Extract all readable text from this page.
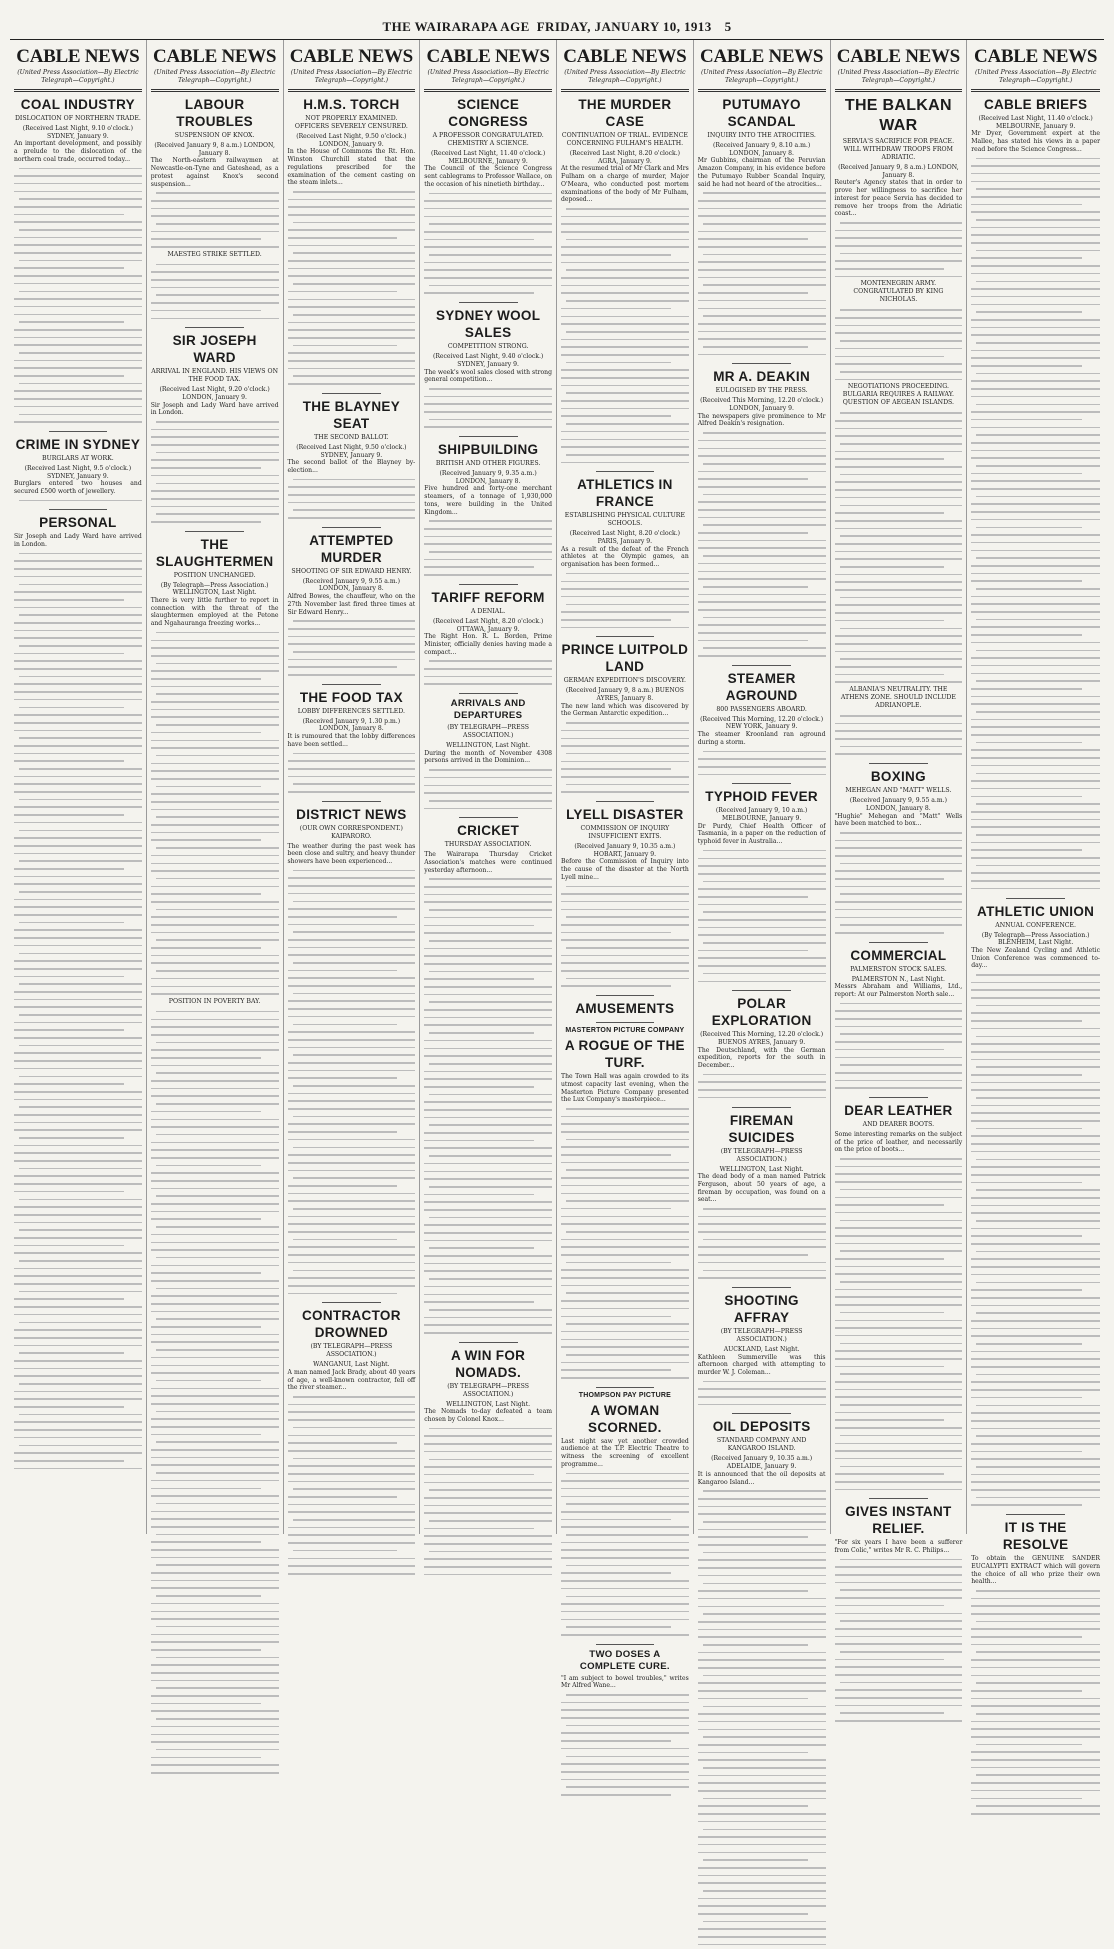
THE WAIRARAPA AGE FRIDAY, JANUARY 10, 1913 5
CABLE NEWS
(United Press Association—By Electric Telegraph—Copyright.)
COAL INDUSTRY
DISLOCATION OF NORTHERN TRADE.
(Received Last Night, 9.10 o'clock.) SYDNEY, January 9.
An important development, and possibly a prelude to the dislocation of the northern coal trade, occurred today...
CRIME IN SYDNEY
BURGLARS AT WORK.
(Received Last Night, 9.5 o'clock.) SYDNEY, January 9.
Burglars entered two houses and secured £500 worth of jewellery.
PERSONAL
Sir Joseph and Lady Ward have arrived in London.
CABLE NEWS
(United Press Association—By Electric Telegraph—Copyright.)
LABOUR TROUBLES
SUSPENSION OF KNOX.
(Received January 9, 8 a.m.) LONDON, January 8.
The North-eastern railwaymen at Newcastle-on-Tyne and Gateshead, as a protest against Knox's second suspension...
MAESTEG STRIKE SETTLED.
SIR JOSEPH WARD
ARRIVAL IN ENGLAND. HIS VIEWS ON THE FOOD TAX.
(Received Last Night, 9.20 o'clock.) LONDON, January 9.
Sir Joseph and Lady Ward have arrived in London.
THE SLAUGHTERMEN
POSITION UNCHANGED.
(By Telegraph—Press Association.) WELLINGTON, Last Night.
There is very little further to report in connection with the threat of the slaughtermen employed at the Petone and Ngahauranga freezing works...
POSITION IN POVERTY BAY.
CABLE NEWS
(United Press Association—By Electric Telegraph—Copyright.)
H.M.S. TORCH
NOT PROPERLY EXAMINED. OFFICERS SEVERELY CENSURED.
(Received Last Night, 9.50 o'clock.) LONDON, January 9.
In the House of Commons the Rt. Hon. Winston Churchill stated that the regulations prescribed for the examination of the cement casting on the steam inlets...
THE BLAYNEY SEAT
THE SECOND BALLOT.
(Received Last Night, 9.50 o'clock.) SYDNEY, January 9.
The second ballot of the Blayney by-election...
ATTEMPTED MURDER
SHOOTING OF SIR EDWARD HENRY.
(Received January 9, 9.55 a.m.) LONDON, January 8.
Alfred Bowes, the chauffeur, who on the 27th November last fired three times at Sir Edward Henry...
THE FOOD TAX
LOBBY DIFFERENCES SETTLED.
(Received January 9, 1.30 p.m.) LONDON, January 8.
It is rumoured that the lobby differences have been settled...
DISTRICT NEWS
(OUR OWN CORRESPONDENT.) KAIPARORO.
The weather during the past week has been close and sultry, and heavy thunder showers have been experienced...
CONTRACTOR DROWNED
(BY TELEGRAPH—PRESS ASSOCIATION.)
WANGANUI, Last Night.
A man named Jack Brady, about 40 years of age, a well-known contractor, fell off the river steamer...
CABLE NEWS
(United Press Association—By Electric Telegraph—Copyright.)
SCIENCE CONGRESS
A PROFESSOR CONGRATULATED. CHEMISTRY A SCIENCE.
(Received Last Night, 11.40 o'clock.) MELBOURNE, January 9.
The Council of the Science Congress sent cablegrams to Professor Wallace, on the occasion of his ninetieth birthday...
SYDNEY WOOL SALES
COMPETITION STRONG.
(Received Last Night, 9.40 o'clock.) SYDNEY, January 9.
The week's wool sales closed with strong general competition...
SHIPBUILDING
BRITISH AND OTHER FIGURES.
(Received January 9, 9.35 a.m.) LONDON, January 8.
Five hundred and forty-one merchant steamers, of a tonnage of 1,930,000 tons, were building in the United Kingdom...
TARIFF REFORM
A DENIAL.
(Received Last Night, 8.20 o'clock.) OTTAWA, January 9.
The Right Hon. R. L. Borden, Prime Minister, officially denies having made a compact...
ARRIVALS AND DEPARTURES
(BY TELEGRAPH—PRESS ASSOCIATION.)
WELLINGTON, Last Night.
During the month of November 4308 persons arrived in the Dominion...
CRICKET
THURSDAY ASSOCIATION.
The Wairarapa Thursday Cricket Association's matches were continued yesterday afternoon...
A WIN FOR NOMADS.
(BY TELEGRAPH—PRESS ASSOCIATION.)
WELLINGTON, Last Night.
The Nomads to-day defeated a team chosen by Colonel Knox...
CABLE NEWS
(United Press Association—By Electric Telegraph—Copyright.)
THE MURDER CASE
CONTINUATION OF TRIAL. EVIDENCE CONCERNING FULHAM'S HEALTH.
(Received Last Night, 8.20 o'clock.) AGRA, January 9.
At the resumed trial of Mr Clark and Mrs Fulham on a charge of murder, Major O'Meara, who conducted post mortem examinations of the body of Mr Fulham, deposed...
ATHLETICS IN FRANCE
ESTABLISHING PHYSICAL CULTURE SCHOOLS.
(Received Last Night, 8.20 o'clock.) PARIS, January 9.
As a result of the defeat of the French athletes at the Olympic games, an organisation has been formed...
PRINCE LUITPOLD LAND
GERMAN EXPEDITION'S DISCOVERY.
(Received January 9, 8 a.m.) BUENOS AYRES, January 8.
The new land which was discovered by the German Antarctic expedition...
LYELL DISASTER
COMMISSION OF INQUIRY INSUFFICIENT EXITS.
(Received January 9, 10.35 a.m.) HOBART, January 9.
Before the Commission of Inquiry into the cause of the disaster at the North Lyell mine...
AMUSEMENTS
MASTERTON PICTURE COMPANY
A ROGUE OF THE TURF.
The Town Hall was again crowded to its utmost capacity last evening, when the Masterton Picture Company presented the Lux Company's masterpiece...
THOMPSON PAY PICTURE
A WOMAN SCORNED.
Last night saw yet another crowded audience at the T.P. Electric Theatre to witness the screening of excellent programme...
TWO DOSES A COMPLETE CURE.
"I am subject to bowel troubles," writes Mr Alfred Wane...
CABLE NEWS
(United Press Association—By Electric Telegraph—Copyright.)
PUTUMAYO SCANDAL
INQUIRY INTO THE ATROCITIES.
(Received January 9, 8.10 a.m.) LONDON, January 8.
Mr Gubbins, chairman of the Peruvian Amazon Company, in his evidence before the Putumayo Rubber Scandal Inquiry, said he had not heard of the atrocities...
MR A. DEAKIN
EULOGISED BY THE PRESS.
(Received This Morning, 12.20 o'clock.) LONDON, January 9.
The newspapers give prominence to Mr Alfred Deakin's resignation.
STEAMER AGROUND
800 PASSENGERS ABOARD.
(Received This Morning, 12.20 o'clock.) NEW YORK, January 9.
The steamer Kroonland ran aground during a storm.
TYPHOID FEVER
(Received January 9, 10 a.m.) MELBOURNE, January 9.
Dr Purdy, Chief Health Officer of Tasmania, in a paper on the reduction of typhoid fever in Australia...
POLAR EXPLORATION
(Received This Morning, 12.20 o'clock.) BUENOS AYRES, January 9.
The Deutschland, with the German expedition, reports for the south in December...
FIREMAN SUICIDES
(BY TELEGRAPH—PRESS ASSOCIATION.)
WELLINGTON, Last Night.
The dead body of a man named Patrick Ferguson, about 50 years of age, a fireman by occupation, was found on a seat...
SHOOTING AFFRAY
(BY TELEGRAPH—PRESS ASSOCIATION.)
AUCKLAND, Last Night.
Kathleen Summerville was this afternoon charged with attempting to murder W. J. Coleman...
OIL DEPOSITS
STANDARD COMPANY AND KANGAROO ISLAND.
(Received January 9, 10.35 a.m.) ADELAIDE, January 9.
It is announced that the oil deposits at Kangaroo Island...
CABLE NEWS
(United Press Association—By Electric Telegraph—Copyright.)
THE BALKAN WAR
SERVIA'S SACRIFICE FOR PEACE. WILL WITHDRAW TROOPS FROM ADRIATIC.
(Received January 9, 8 a.m.) LONDON, January 8.
Reuter's Agency states that in order to prove her willingness to sacrifice her interest for peace Servia has decided to remove her troops from the Adriatic coast...
MONTENEGRIN ARMY. CONGRATULATED BY KING NICHOLAS.
NEGOTIATIONS PROCEEDING. BULGARIA REQUIRES A RAILWAY. QUESTION OF AEGEAN ISLANDS.
ALBANIA'S NEUTRALITY. THE ATHENS ZONE. SHOULD INCLUDE ADRIANOPLE.
BOXING
MEHEGAN AND "MATT" WELLS.
(Received January 9, 9.55 a.m.) LONDON, January 8.
"Hughie" Mehegan and "Matt" Wells have been matched to box...
COMMERCIAL
PALMERSTON STOCK SALES.
PALMERSTON N., Last Night.
Messrs Abraham and Williams, Ltd., report: At our Palmerston North sale...
DEAR LEATHER
AND DEARER BOOTS.
Some interesting remarks on the subject of the price of leather, and necessarily on the price of boots...
GIVES INSTANT RELIEF.
"For six years I have been a sufferer from Colic," writes Mr R. C. Philips...
CABLE NEWS
(United Press Association—By Electric Telegraph—Copyright.)
CABLE BRIEFS
(Received Last Night, 11.40 o'clock.) MELBOURNE, January 9.
Mr Dyer, Government expert at the Mallee, has stated his views in a paper read before the Science Congress...
ATHLETIC UNION
ANNUAL CONFERENCE.
(By Telegraph—Press Association.) BLENHEIM, Last Night.
The New Zealand Cycling and Athletic Union Conference was commenced to-day...
IT IS THE RESOLVE
To obtain the GENUINE SANDER EUCALYPTI EXTRACT which will govern the choice of all who prize their own health...
